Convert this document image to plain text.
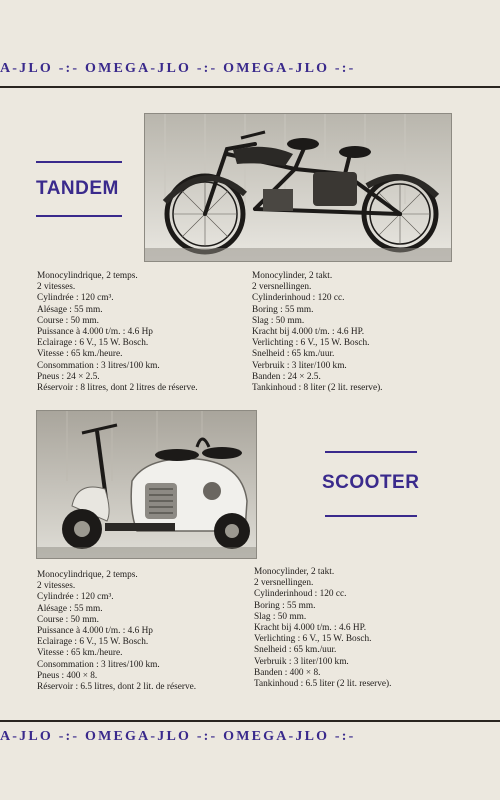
A-JLO -:- OMEGA-JLO -:- OMEGA-JLO -:-
TANDEM
Monocylindrique, 2 temps.
2 vitesses.
Cylindrée : 120 cm³.
Alésage : 55 mm.
Course : 50 mm.
Puissance à 4.000 t/m. : 4.6 Hp
Eclairage : 6 V., 15 W. Bosch.
Vitesse : 65 km./heure.
Consommation : 3 litres/100 km.
Pneus : 24 × 2.5.
Réservoir : 8 litres, dont 2 litres de réserve.
Monocylinder, 2 takt.
2 versnellingen.
Cylinderinhoud : 120 cc.
Boring : 55 mm.
Slag : 50 mm.
Kracht bij 4.000 t/m. : 4.6 HP.
Verlichting : 6 V., 15 W. Bosch.
Snelheid : 65 km./uur.
Verbruik : 3 liter/100 km.
Banden : 24 × 2.5.
Tankinhoud : 8 liter (2 lit. reserve).
SCOOTER
Monocylindrique, 2 temps.
2 vitesses.
Cylindrée : 120 cm³.
Alésage : 55 mm.
Course : 50 mm.
Puissance à 4.000 t/m. : 4.6 Hp
Eclairage : 6 V., 15 W. Bosch.
Vitesse : 65 km./heure.
Consommation : 3 litres/100 km.
Pneus : 400 × 8.
Réservoir : 6.5 litres, dont 2 lit. de réserve.
Monocylinder, 2 takt.
2 versnellingen.
Cylinderinhoud : 120 cc.
Boring : 55 mm.
Slag : 50 mm.
Kracht bij 4.000 t/m. : 4.6 HP.
Verlichting : 6 V., 15 W. Bosch.
Snelheid : 65 km./uur.
Verbruik : 3 liter/100 km.
Banden : 400 × 8.
Tankinhoud : 6.5 liter (2 lit. reserve).
A-JLO -:- OMEGA-JLO -:- OMEGA-JLO -:-
